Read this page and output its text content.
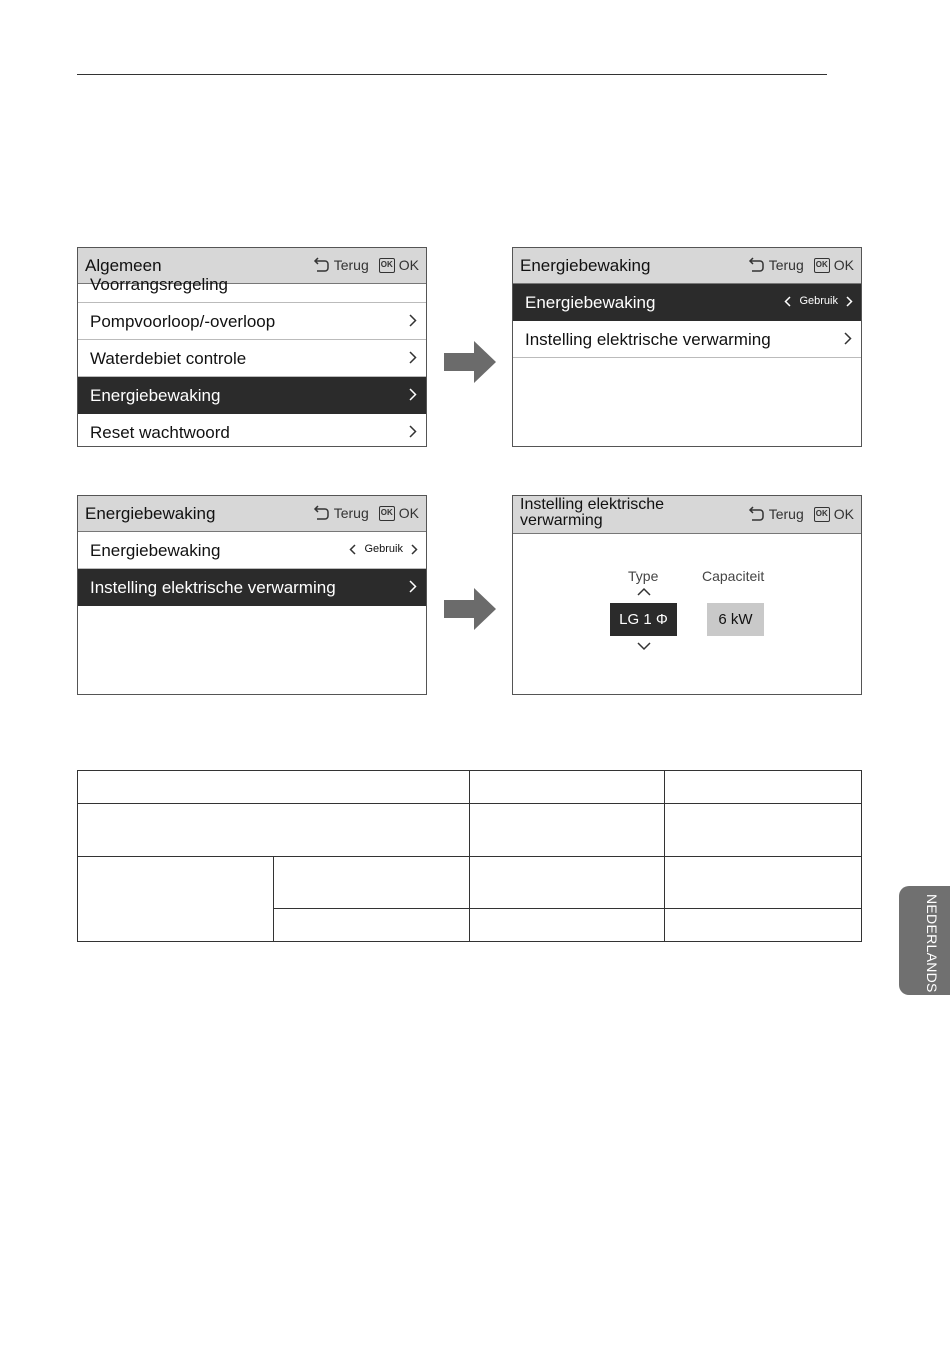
Algemeen	Terug OK OK
Voorrangsregeling
Pompvoorloop/-overloop
Waterdebiet controle
Energiebewaking
Reset wachtwoord
Energiebewaking	Terug OK OK
Energiebewaking	Gebruik
Instelling elektrische verwarming
Energiebewaking	Terug OK OK
Energiebewaking	Gebruik
Instelling elektrische verwarming
Instelling elektrische
verwarming	Terug OK OK
Type	Capaciteit
LG 1 Φ	6 kW

NEDERLANDS
